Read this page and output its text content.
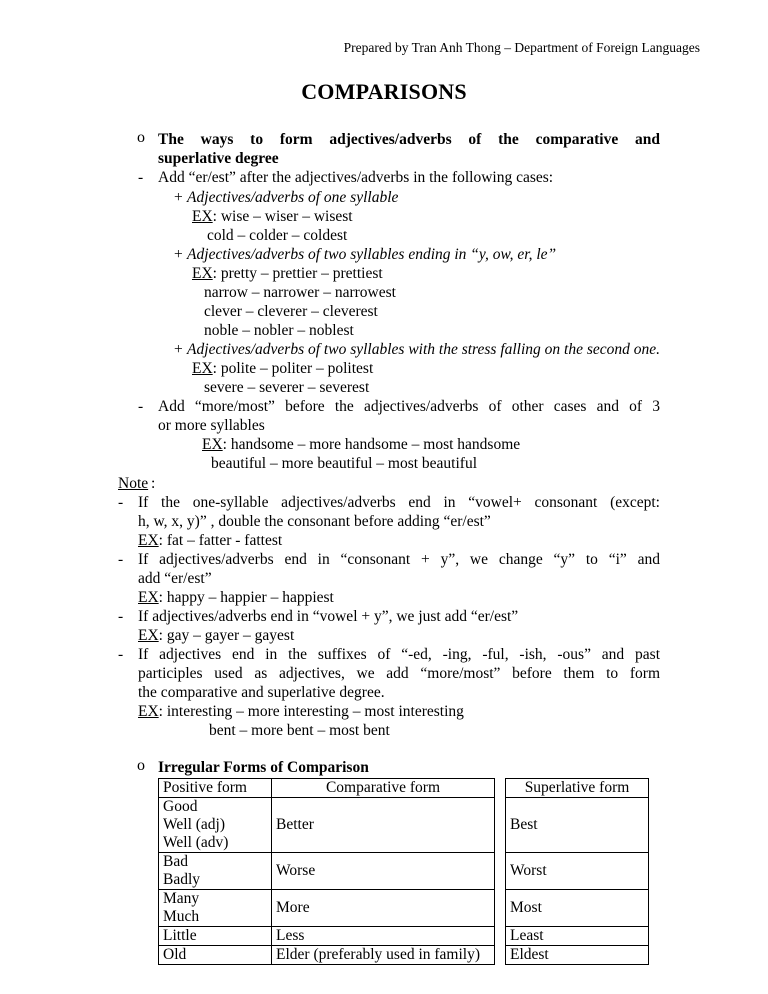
Prepared by Tran Anh Thong – Department of Foreign Languages
COMPARISONS
o The ways to form adjectives/adverbs of the comparative and
superlative degree
- Add “er/est” after the adjectives/adverbs in the following cases:
+ Adjectives/adverbs of one syllable
EX: wise – wiser – wisest
cold – colder – coldest
+ Adjectives/adverbs of two syllables ending in “y, ow, er, le”
EX: pretty – prettier – prettiest
narrow – narrower – narrowest
clever – cleverer – cleverest
noble – nobler – noblest
+ Adjectives/adverbs of two syllables with the stress falling on the second one.
EX: polite – politer – politest
severe – severer – severest
- Add “more/most” before the adjectives/adverbs of other cases and of 3
or more syllables
EX: handsome – more handsome – most handsome
beautiful – more beautiful – most beautiful
Note :
- If the one-syllable adjectives/adverbs end in “vowel+ consonant (except:
h, w, x, y)” , double the consonant before adding “er/est”
EX: fat – fatter - fattest
- If adjectives/adverbs end in “consonant + y”, we change “y” to “i” and
add “er/est”
EX: happy – happier – happiest
- If adjectives/adverbs end in “vowel + y”, we just add “er/est”
EX: gay – gayer – gayest
- If adjectives end in the suffixes of “-ed, -ing, -ful, -ish, -ous” and past
participles used as adjectives, we add “more/most” before them to form
the comparative and superlative degree.
EX: interesting – more interesting – most interesting
bent – more bent – most bent
o Irregular Forms of Comparison
Positive form	Comparative form		Superlative form

Good
Well (adj)
Well (adv)	Better		Best

Bad
Badly	Worse		Worst

Many
Much	More		Most
Little	Less		Least
Old	Elder (preferably used in family)		Eldest
